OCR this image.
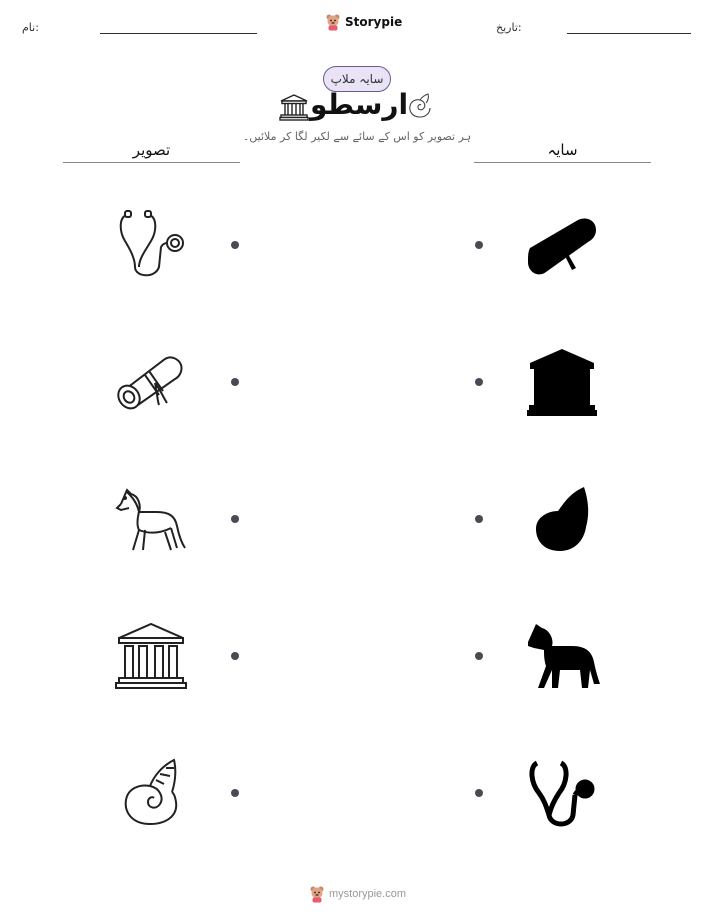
نام:	Storypie	تاریخ:
سایہ ملاپ
ارسطو
ہر تصویر کو اس کے سائے سے لکیر لگا کر ملائیں۔
تصویر	سایہ
mystorypie.com
